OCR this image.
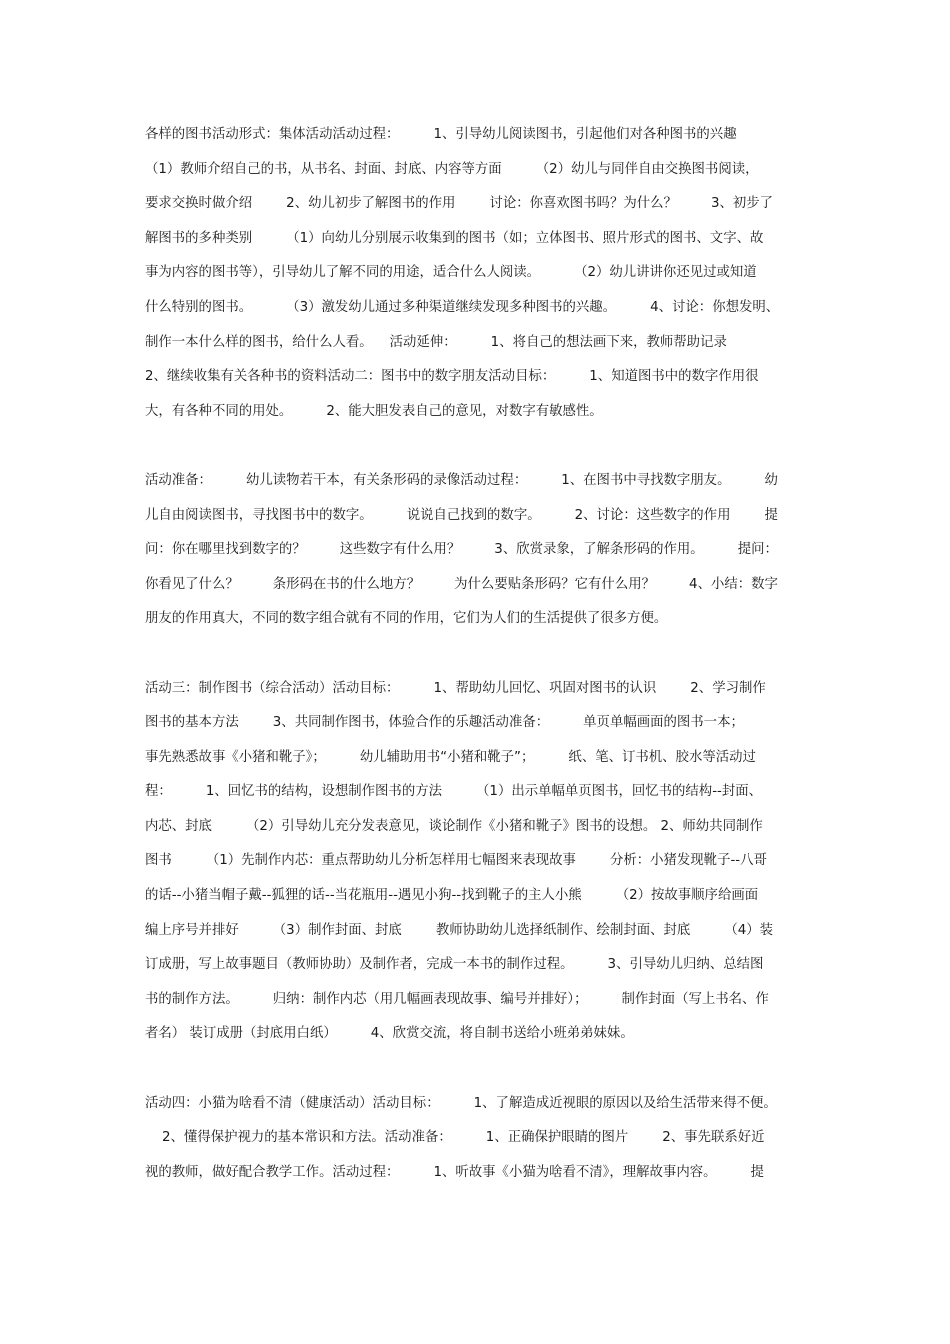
各样的图书活动形式：集体活动活动过程：        1、引导幼儿阅读图书，引起他们对各种图书的兴趣
（1）教师介绍自己的书，从书名、封面、封底、内容等方面        （2）幼儿与同伴自由交换图书阅读，
要求交换时做介绍        2、幼儿初步了解图书的作用        讨论：你喜欢图书吗？为什么？        3、初步了
解图书的多种类别        （1）向幼儿分别展示收集到的图书（如；立体图书、照片形式的图书、文字、故
事为内容的图书等），引导幼儿了解不同的用途，适合什么人阅读。        （2）幼儿讲讲你还见过或知道
什么特别的图书。        （3）激发幼儿通过多种渠道继续发现多种图书的兴趣。        4、讨论：你想发明、
制作一本什么样的图书，给什么人看。    活动延伸：        1、将自己的想法画下来，教师帮助记录
2、继续收集有关各种书的资料活动二：图书中的数字朋友活动目标：        1、知道图书中的数字作用很
大，有各种不同的用处。        2、能大胆发表自己的意见，对数字有敏感性。
活动准备：        幼儿读物若干本，有关条形码的录像活动过程：        1、在图书中寻找数字朋友。        幼
儿自由阅读图书，寻找图书中的数字。        说说自己找到的数字。        2、讨论：这些数字的作用        提
问：你在哪里找到数字的？        这些数字有什么用？        3、欣赏录象，了解条形码的作用。        提问：
你看见了什么？        条形码在书的什么地方？        为什么要贴条形码？它有什么用？        4、小结：数字
朋友的作用真大，不同的数字组合就有不同的作用，它们为人们的生活提供了很多方便。
活动三：制作图书（综合活动）活动目标：        1、帮助幼儿回忆、巩固对图书的认识        2、学习制作
图书的基本方法        3、共同制作图书，体验合作的乐趣活动准备：        单页单幅画面的图书一本；
事先熟悉故事《小猪和靴子》；        幼儿辅助用书“小猪和靴子”；        纸、笔、订书机、胶水等活动过
程：        1、回忆书的结构，设想制作图书的方法        （1）出示单幅单页图书，回忆书的结构--封面、
内芯、封底        （2）引导幼儿充分发表意见，谈论制作《小猪和靴子》图书的设想。 2、师幼共同制作
图书        （1）先制作内芯：重点帮助幼儿分析怎样用七幅图来表现故事        分析：小猪发现靴子--八哥
的话--小猪当帽子戴--狐狸的话--当花瓶用--遇见小狗--找到靴子的主人小熊        （2）按故事顺序给画面
编上序号并排好        （3）制作封面、封底        教师协助幼儿选择纸制作、绘制封面、封底        （4）装
订成册，写上故事题目（教师协助）及制作者，完成一本书的制作过程。        3、引导幼儿归纳、总结图
书的制作方法。        归纳：制作内芯（用几幅画表现故事、编号并排好）；        制作封面（写上书名、作
者名） 装订成册（封底用白纸）        4、欣赏交流，将自制书送给小班弟弟妹妹。
活动四：小猫为啥看不清（健康活动）活动目标：        1、了解造成近视眼的原因以及给生活带来得不便。
2、懂得保护视力的基本常识和方法。活动准备：        1、正确保护眼睛的图片        2、事先联系好近
视的教师，做好配合教学工作。活动过程：        1、听故事《小猫为啥看不清》，理解故事内容。        提
